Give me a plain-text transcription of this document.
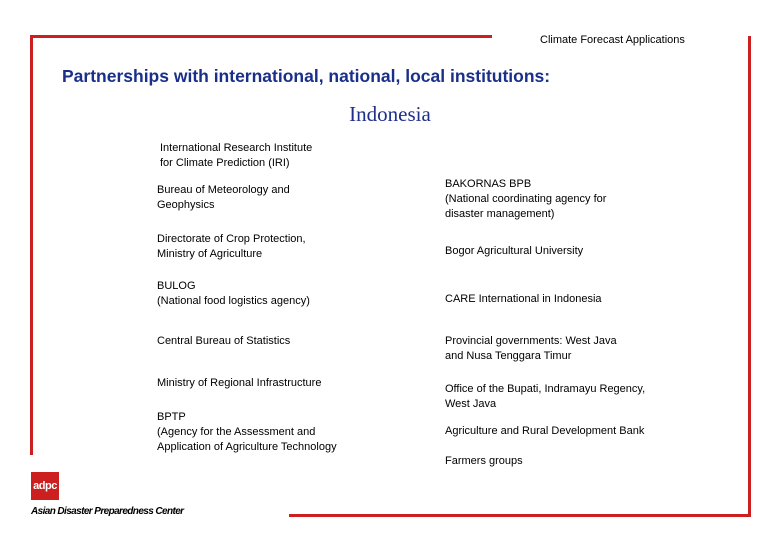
Climate Forecast Applications
Partnerships with international, national, local institutions:
Indonesia
International Research Institute
for Climate Prediction (IRI)
Bureau of Meteorology and
Geophysics
Directorate of Crop Protection,
Ministry of Agriculture
BULOG
(National food logistics agency)
Central Bureau of Statistics
Ministry of Regional Infrastructure
BPTP
(Agency for the Assessment and
Application of Agriculture Technology
BAKORNAS BPB
(National coordinating agency for
disaster management)
Bogor Agricultural University
CARE International in Indonesia
Provincial governments: West Java
and Nusa Tenggara Timur
Office of the Bupati, Indramayu Regency,
West Java
Agriculture and Rural Development Bank
Farmers groups
adpc
Asian Disaster Preparedness Center
